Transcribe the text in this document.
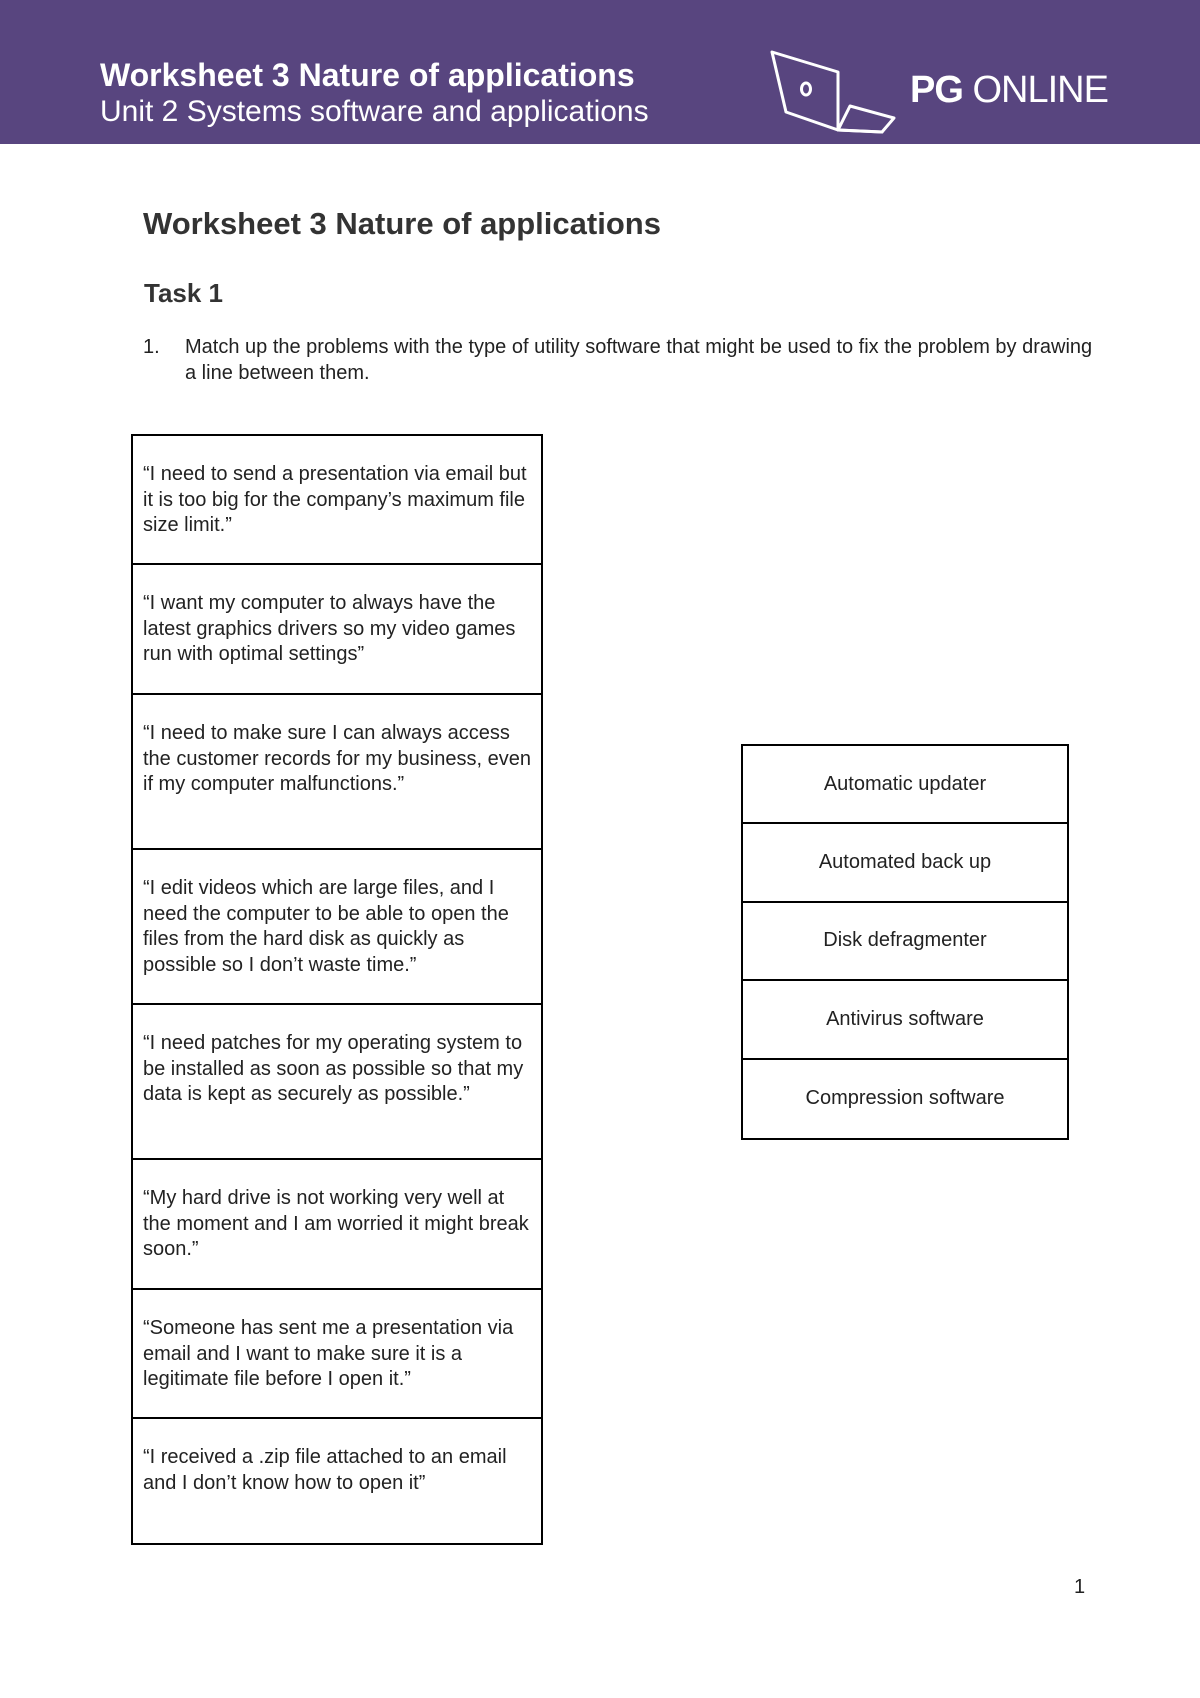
Worksheet 3 Nature of applications
Unit 2 Systems software and applications
PG ONLINE
Worksheet 3 Nature of applications
Task 1
1. Match up the problems with the type of utility software that might be used to fix the problem by drawing a line between them.
“I need to send a presentation via email but it is too big for the company’s maximum file size limit.”
“I want my computer to always have the latest graphics drivers so my video games run with optimal settings”
“I need to make sure I can always access the customer records for my business, even if my computer malfunctions.”
“I edit videos which are large files, and I need the computer to be able to open the files from the hard disk as quickly as possible so I don’t waste time.”
“I need patches for my operating system to be installed as soon as possible so that my data is kept as securely as possible.”
“My hard drive is not working very well at the moment and I am worried it might break soon.”
“Someone has sent me a presentation via email and I want to make sure it is a legitimate file before I open it.”
“I received a .zip file attached to an email and I don’t know how to open it”
Automatic updater
Automated back up
Disk defragmenter
Antivirus software
Compression software
1
